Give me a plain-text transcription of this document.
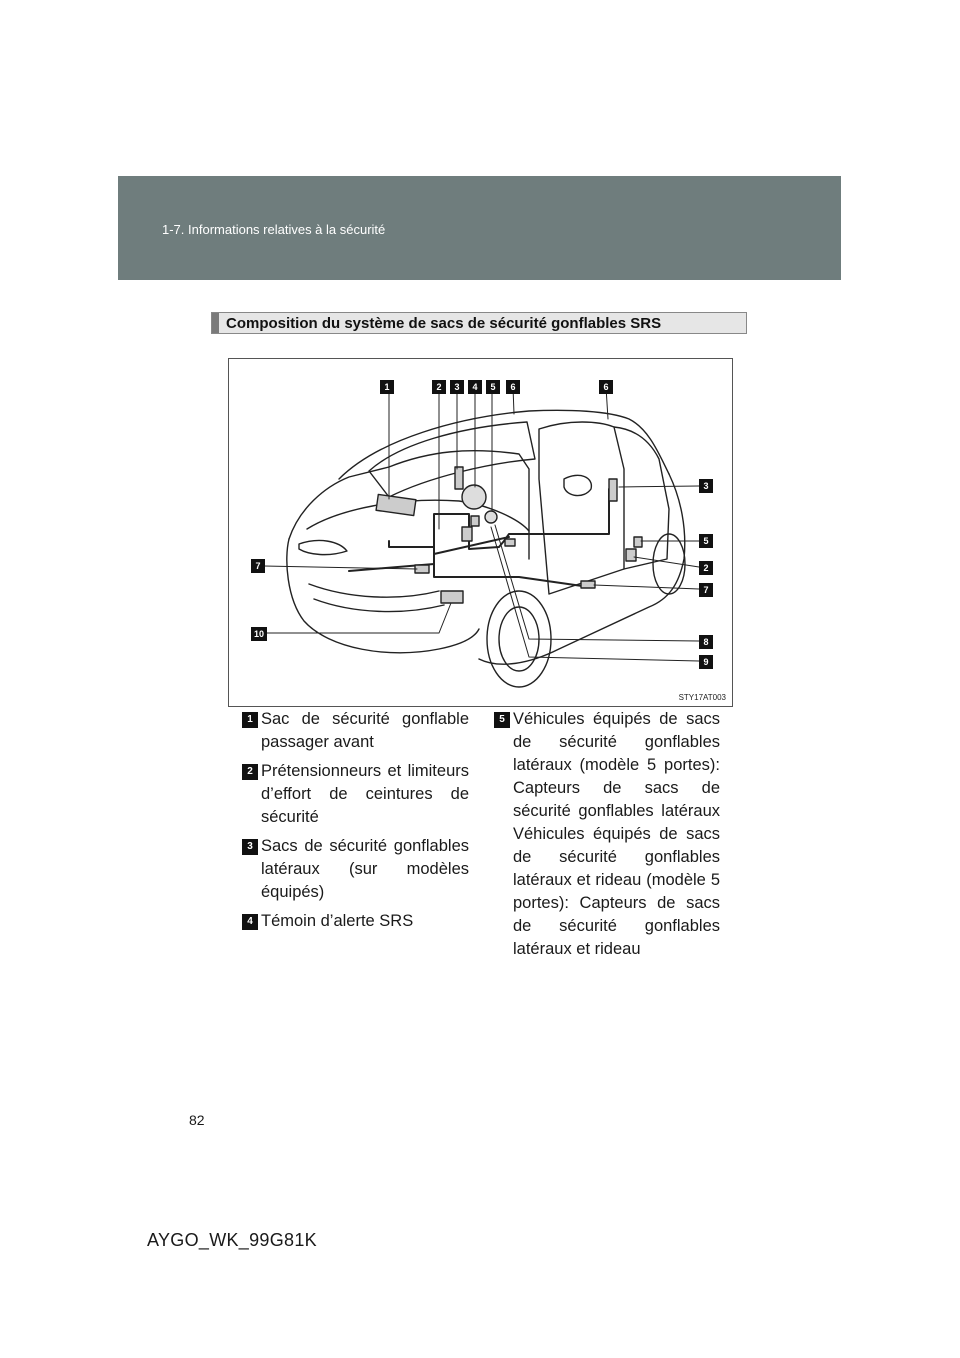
1-7. Informations relatives à la sécurité
Composition du système de sacs de sécurité gonflables SRS
1	2	3	4	5	6	6
3
5
2
7
8
9
7
10
STY17AT003
1 Sac de sécurité gonflable passager avant
2 Prétensionneurs et limiteurs d’effort de ceintures de sécurité
3 Sacs de sécurité gonflables latéraux (sur modèles équipés)
4 Témoin d’alerte SRS
5 Véhicules équipés de sacs de sécurité gonflables latéraux (modèle 5 portes): Capteurs de sacs de sécurité gonflables latéraux Véhicules équipés de sacs de sécurité gonflables latéraux et rideau (modèle 5 portes): Capteurs de sacs de sécurité gonflables latéraux et rideau
82
AYGO_WK_99G81K
